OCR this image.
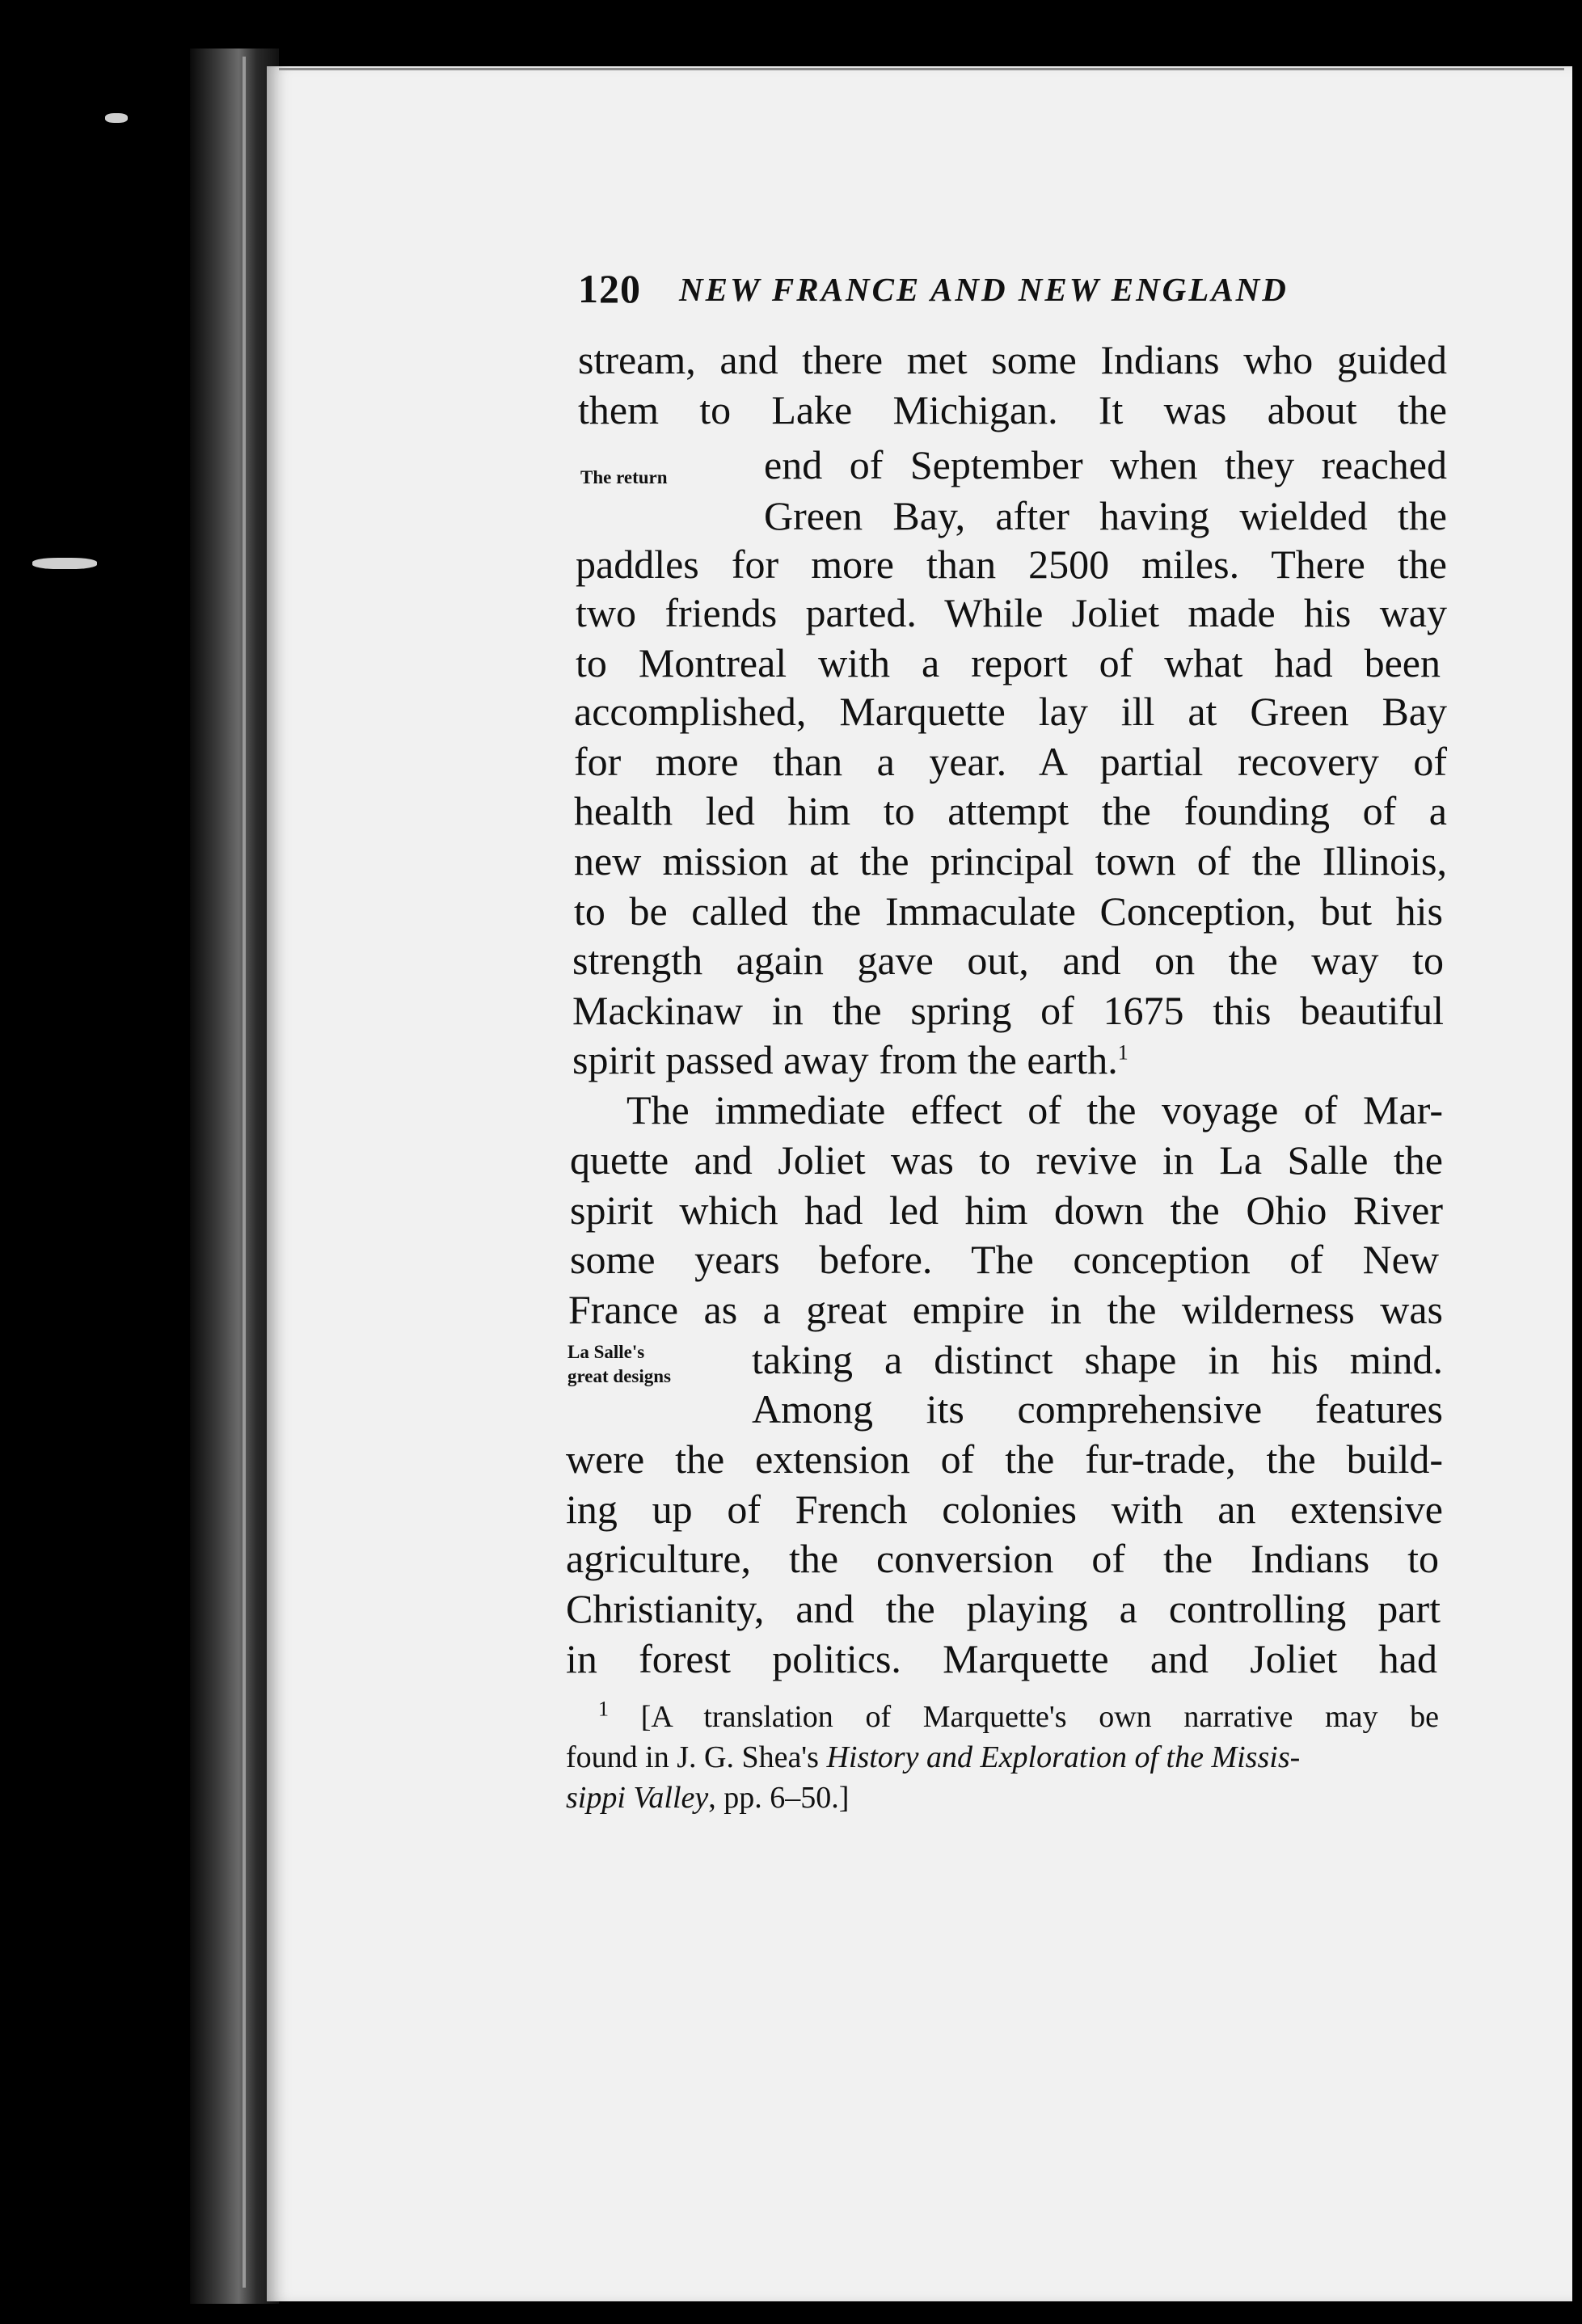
120 NEW FRANCE AND NEW ENGLAND
The return
La Salle's
great designs
stream, and there met some Indians who guided
them to Lake Michigan. It was about the
end of September when they reached
Green Bay, after having wielded the
paddles for more than 2500 miles. There the
two friends parted. While Joliet made his way
to Montreal with a report of what had been
accomplished, Marquette lay ill at Green Bay
for more than a year. A partial recovery of
health led him to attempt the founding of a
new mission at the principal town of the Illinois,
to be called the Immaculate Conception, but his
strength again gave out, and on the way to
Mackinaw in the spring of 1675 this beautiful
spirit passed away from the earth.$^1$
The immediate effect of the voyage of Mar-
quette and Joliet was to revive in La Salle the
spirit which had led him down the Ohio River
some years before. The conception of New
France as a great empire in the wilderness was
taking a distinct shape in his mind.
Among its comprehensive features
were the extension of the fur-trade, the build-
ing up of French colonies with an extensive
agriculture, the conversion of the Indians to
Christianity, and the playing a controlling part
in forest politics. Marquette and Joliet had
$^1$ [A translation of Marquette's own narrative may be
found in J. G. Shea's History and Exploration of the Missis-
sippi Valley, pp. 6–50.]
